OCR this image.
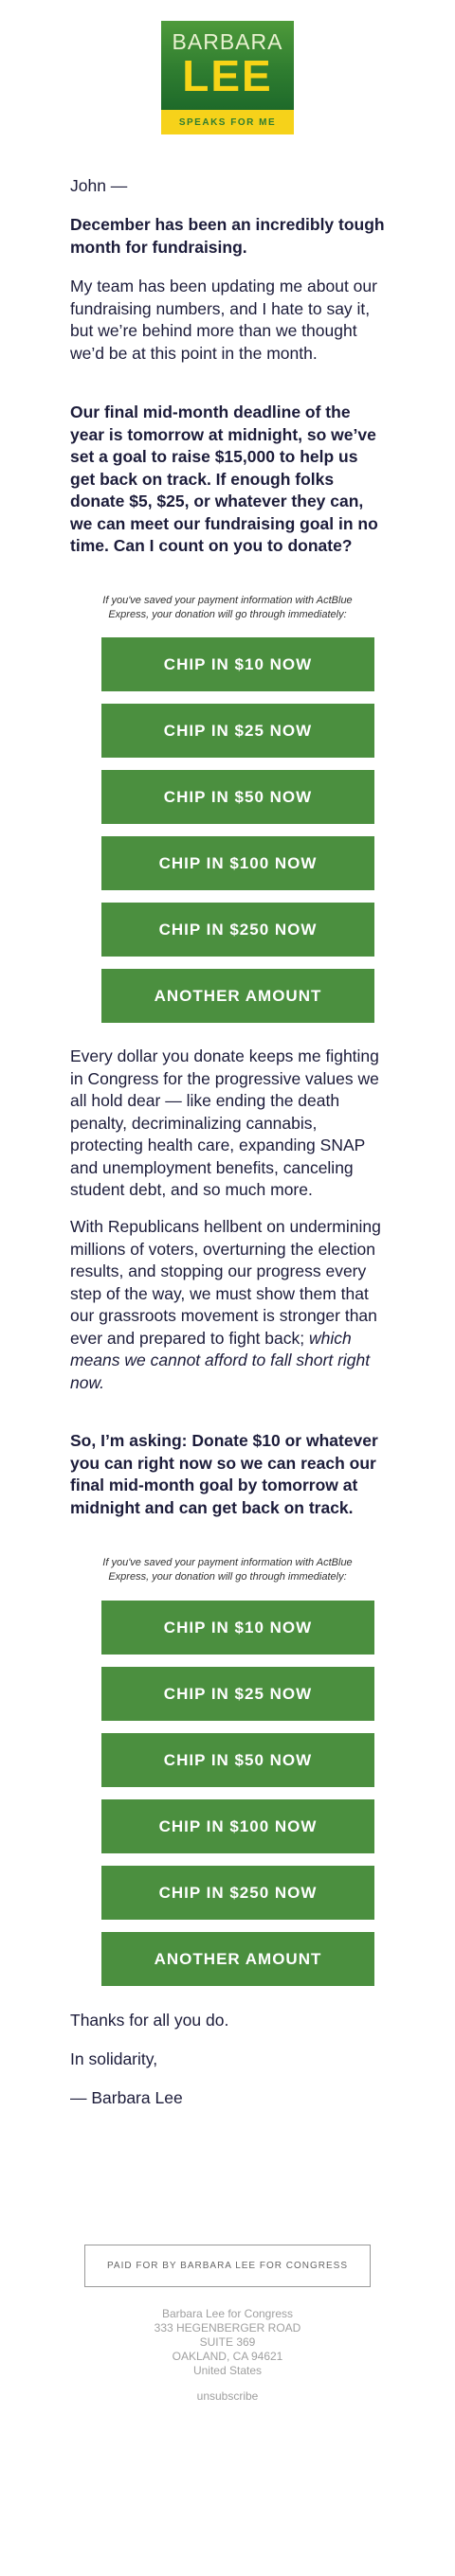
BARBARA
LEE
SPEAKS FOR ME
John —
December has been an incredibly tough month for fundraising.
My team has been updating me about our fundraising numbers, and I hate to say it, but we’re behind more than we thought we’d be at this point in the month.
Our final mid-month deadline of the year is tomorrow at midnight, so we’ve set a goal to raise $15,000 to help us get back on track. If enough folks donate $5, $25, or whatever they can, we can meet our fundraising goal in no time. Can I count on you to donate?
If you've saved your payment information with ActBlue Express, your donation will go through immediately:
CHIP IN $10 NOW
CHIP IN $25 NOW
CHIP IN $50 NOW
CHIP IN $100 NOW
CHIP IN $250 NOW
ANOTHER AMOUNT
Every dollar you donate keeps me fighting in Congress for the progressive values we all hold dear — like ending the death penalty, decriminalizing cannabis, protecting health care, expanding SNAP and unemployment benefits, canceling student debt, and so much more.
With Republicans hellbent on undermining millions of voters, overturning the election results, and stopping our progress every step of the way, we must show them that our grassroots movement is stronger than ever and prepared to fight back; which means we cannot afford to fall short right now.
So, I’m asking: Donate $10 or whatever you can right now so we can reach our final mid-month goal by tomorrow at midnight and can get back on track.
If you've saved your payment information with ActBlue Express, your donation will go through immediately:
CHIP IN $10 NOW
CHIP IN $25 NOW
CHIP IN $50 NOW
CHIP IN $100 NOW
CHIP IN $250 NOW
ANOTHER AMOUNT
Thanks for all you do.
In solidarity,
— Barbara Lee
PAID FOR BY BARBARA LEE FOR CONGRESS
Barbara Lee for Congress
333 HEGENBERGER ROAD
SUITE 369
OAKLAND, CA 94621
United States
unsubscribe
